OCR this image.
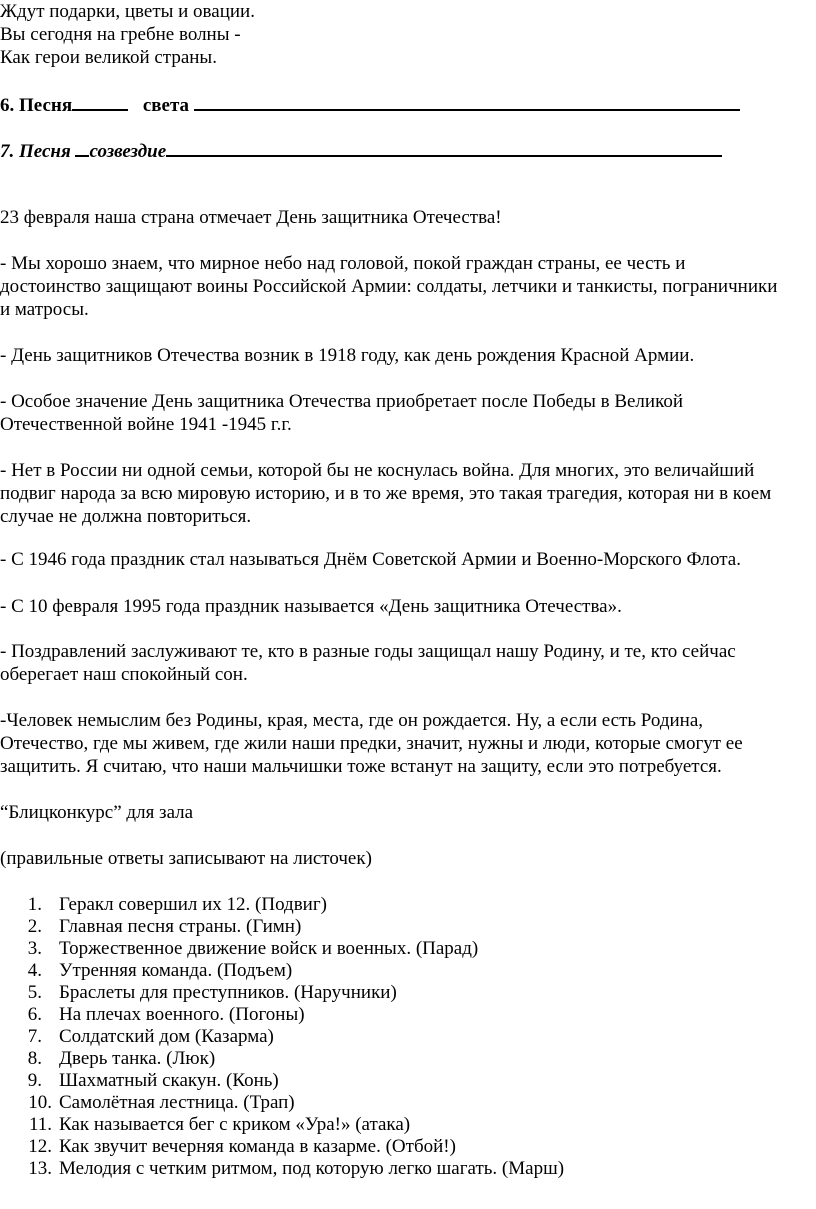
Ждут подарки, цветы и овации.
Вы сегодня на гребне волны -
Как герои великой страны.
6. Песня	света
7. Песня созвездие
23 февраля наша страна отмечает День защитника Отечества!
- Мы хорошо знаем, что мирное небо над головой, покой граждан страны, ее честь и
достоинство защищают воины Российской Армии: солдаты, летчики и танкисты, пограничники
и матросы.
- День защитников Отечества возник в 1918 году, как день рождения Красной Армии.
- Особое значение День защитника Отечества приобретает после Победы в Великой
Отечественной войне 1941 -1945 г.г.
- Нет в России ни одной семьи, которой бы не коснулась война. Для многих, это величайший
подвиг народа за всю мировую историю, и в то же время, это такая трагедия, которая ни в коем
случае не должна повториться.
- С 1946 года праздник стал называться Днём Советской Армии и Военно-Морского Флота.
- С 10 февраля 1995 года праздник называется «День защитника Отечества».
- Поздравлений заслуживают те, кто в разные годы защищал нашу Родину, и те, кто сейчас
оберегает наш спокойный сон.
-Человек немыслим без Родины, края, места, где он рождается. Ну, а если есть Родина,
Отечество, где мы живем, где жили наши предки, значит, нужны и люди, которые смогут ее
защитить. Я считаю, что наши мальчишки тоже встанут на защиту, если это потребуется.
“Блицконкурс” для зала
(правильные ответы записывают на листочек)
1. Геракл совершил их 12. (Подвиг)
2. Главная песня страны. (Гимн)
3. Торжественное движение войск и военных. (Парад)
4. Утренняя команда. (Подъем)
5. Браслеты для преступников. (Наручники)
6. На плечах военного. (Погоны)
7. Солдатский дом (Казарма)
8. Дверь танка. (Люк)
9. Шахматный скакун. (Конь)
10. Самолётная лестница. (Трап)
11. Как называется бег с криком «Ура!» (атака)
12. Как звучит вечерняя команда в казарме. (Отбой!)
13. Мелодия с четким ритмом, под которую легко шагать. (Марш)
